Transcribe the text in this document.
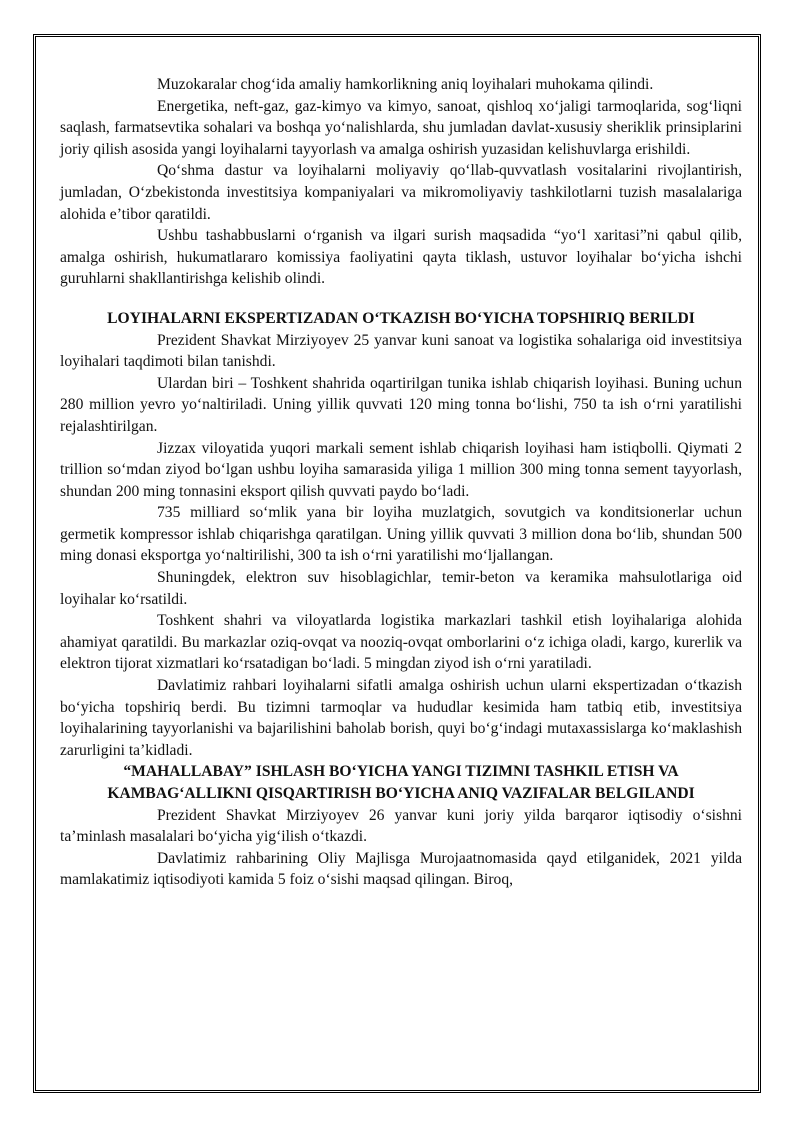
Muzokaralar chog‘ida amaliy hamkorlikning aniq loyihalari muhokama qilindi.

Energetika, neft-gaz, gaz-kimyo va kimyo, sanoat, qishloq xo‘jaligi tarmoqlarida, sog‘liqni saqlash, farmatsevtika sohalari va boshqa yo‘nalishlarda, shu jumladan davlat-xususiy sheriklik prinsiplarini joriy qilish asosida yangi loyihalarni tayyorlash va amalga oshirish yuzasidan kelishuvlarga erishildi.

Qo‘shma dastur va loyihalarni moliyaviy qo‘llab-quvvatlash vositalarini rivojlantirish, jumladan, O‘zbekistonda investitsiya kompaniyalari va mikromoliyaviy tashkilotlarni tuzish masalalariga alohida e’tibor qaratildi.

Ushbu tashabbuslarni o‘rganish va ilgari surish maqsadida “yo‘l xaritasi”ni qabul qilib, amalga oshirish, hukumatlararo komissiya faoliyatini qayta tiklash, ustuvor loyihalar bo‘yicha ishchi guruhlarni shakllantirishga kelishib olindi.

LOYIHALARNI EKSPERTIZADAN O‘TKAZISH BO‘YICHA TOPSHIRIQ BERILDI

Prezident Shavkat Mirziyoyev 25 yanvar kuni sanoat va logistika sohalariga oid investitsiya loyihalari taqdimoti bilan tanishdi.

Ulardan biri – Toshkent shahrida oqartirilgan tunika ishlab chiqarish loyihasi. Buning uchun 280 million yevro yo‘naltiriladi. Uning yillik quvvati 120 ming tonna bo‘lishi, 750 ta ish o‘rni yaratilishi rejalashtirilgan.

Jizzax viloyatida yuqori markali sement ishlab chiqarish loyihasi ham istiqbolli. Qiymati 2 trillion so‘mdan ziyod bo‘lgan ushbu loyiha samarasida yiliga 1 million 300 ming tonna sement tayyorlash, shundan 200 ming tonnasini eksport qilish quvvati paydo bo‘ladi.

735 milliard so‘mlik yana bir loyiha muzlatgich, sovutgich va konditsionerlar uchun germetik kompressor ishlab chiqarishga qaratilgan. Uning yillik quvvati 3 million dona bo‘lib, shundan 500 ming donasi eksportga yo‘naltirilishi, 300 ta ish o‘rni yaratilishi mo‘ljallangan.

Shuningdek, elektron suv hisoblagichlar, temir-beton va keramika mahsulotlariga oid loyihalar ko‘rsatildi.

Toshkent shahri va viloyatlarda logistika markazlari tashkil etish loyihalariga alohida ahamiyat qaratildi. Bu markazlar oziq-ovqat va nooziq-ovqat omborlarini o‘z ichiga oladi, kargo, kurerlik va elektron tijorat xizmatlari ko‘rsatadigan bo‘ladi. 5 mingdan ziyod ish o‘rni yaratiladi.

Davlatimiz rahbari loyihalarni sifatli amalga oshirish uchun ularni ekspertizadan o‘tkazish bo‘yicha topshiriq berdi. Bu tizimni tarmoqlar va hududlar kesimida ham tatbiq etib, investitsiya loyihalarining tayyorlanishi va bajarilishini baholab borish, quyi bo‘g‘indagi mutaxassislarga ko‘maklashish zarurligini ta’kidladi.

“MAHALLABAY” ISHLASH BO‘YICHA YANGI TIZIMNI TASHKIL ETISH VA KAMBAG‘ALLIKNI QISQARTIRISH BO‘YICHA ANIQ VAZIFALAR BELGILANDI

Prezident Shavkat Mirziyoyev 26 yanvar kuni joriy yilda barqaror iqtisodiy o‘sishni ta’minlash masalalari bo‘yicha yig‘ilish o‘tkazdi.

Davlatimiz rahbarining Oliy Majlisga Murojaatnomasida qayd etilganidek, 2021 yilda mamlakatimiz iqtisodiyoti kamida 5 foiz o‘sishi maqsad qilingan. Biroq,
